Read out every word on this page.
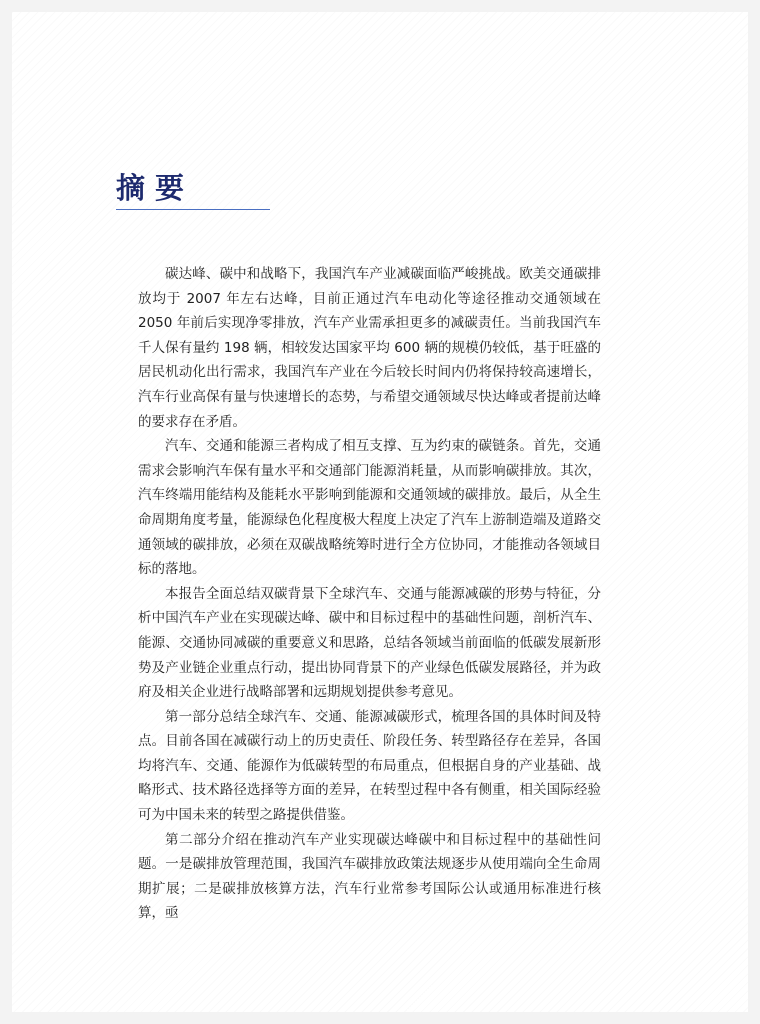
摘要

碳达峰、碳中和战略下，我国汽车产业减碳面临严峻挑战。欧美交通碳排放均于 2007 年左右达峰，目前正通过汽车电动化等途径推动交通领域在 2050 年前后实现净零排放，汽车产业需承担更多的减碳责任。当前我国汽车千人保有量约 198 辆，相较发达国家平均 600 辆的规模仍较低，基于旺盛的居民机动化出行需求，我国汽车产业在今后较长时间内仍将保持较高速增长，汽车行业高保有量与快速增长的态势，与希望交通领域尽快达峰或者提前达峰的要求存在矛盾。

汽车、交通和能源三者构成了相互支撑、互为约束的碳链条。首先，交通需求会影响汽车保有量水平和交通部门能源消耗量，从而影响碳排放。其次，汽车终端用能结构及能耗水平影响到能源和交通领域的碳排放。最后，从全生命周期角度考量，能源绿色化程度极大程度上决定了汽车上游制造端及道路交通领域的碳排放，必须在双碳战略统筹时进行全方位协同，才能推动各领域目标的落地。

本报告全面总结双碳背景下全球汽车、交通与能源减碳的形势与特征，分析中国汽车产业在实现碳达峰、碳中和目标过程中的基础性问题，剖析汽车、能源、交通协同减碳的重要意义和思路，总结各领域当前面临的低碳发展新形势及产业链企业重点行动，提出协同背景下的产业绿色低碳发展路径，并为政府及相关企业进行战略部署和远期规划提供参考意见。

第一部分总结全球汽车、交通、能源减碳形式，梳理各国的具体时间及特点。目前各国在减碳行动上的历史责任、阶段任务、转型路径存在差异，各国均将汽车、交通、能源作为低碳转型的布局重点，但根据自身的产业基础、战略形式、技术路径选择等方面的差异，在转型过程中各有侧重，相关国际经验可为中国未来的转型之路提供借鉴。

第二部分介绍在推动汽车产业实现碳达峰碳中和目标过程中的基础性问题。一是碳排放管理范围，我国汽车碳排放政策法规逐步从使用端向全生命周期扩展；二是碳排放核算方法，汽车行业常参考国际公认或通用标准进行核算，亟
